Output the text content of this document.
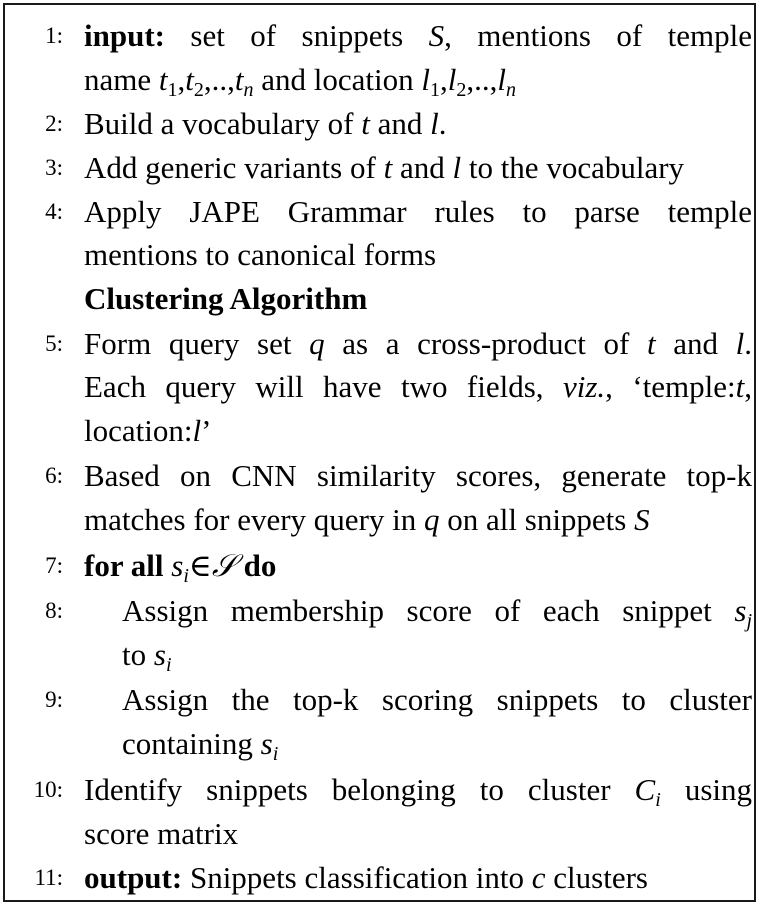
1: input: set of snippets S, mentions of temple
name $t1,t2,..,t_n$ and location $l1,l2,..,l_n$
2: Build a vocabulary of t and l.
3: Add generic variants of t and l to the vocabulary
4: Apply JAPE Grammar rules to parse temple
mentions to canonical forms
Clustering Algorithm
5: Form query set q as a cross-product of t and l.
Each query will have two fields, viz., ‘temple:t,
location:l’
6: Based on CNN similarity scores, generate top-k
matches for every query in q on all snippets S
7: for all $s_i\in 𝒮$ do
8: Assign membership score of each snippet $s_j$
to $s_i$
9: Assign the top-k scoring snippets to cluster
containing $s_i$
10: Identify snippets belonging to cluster $C_i$ using
score matrix
11: output: Snippets classification into c clusters
